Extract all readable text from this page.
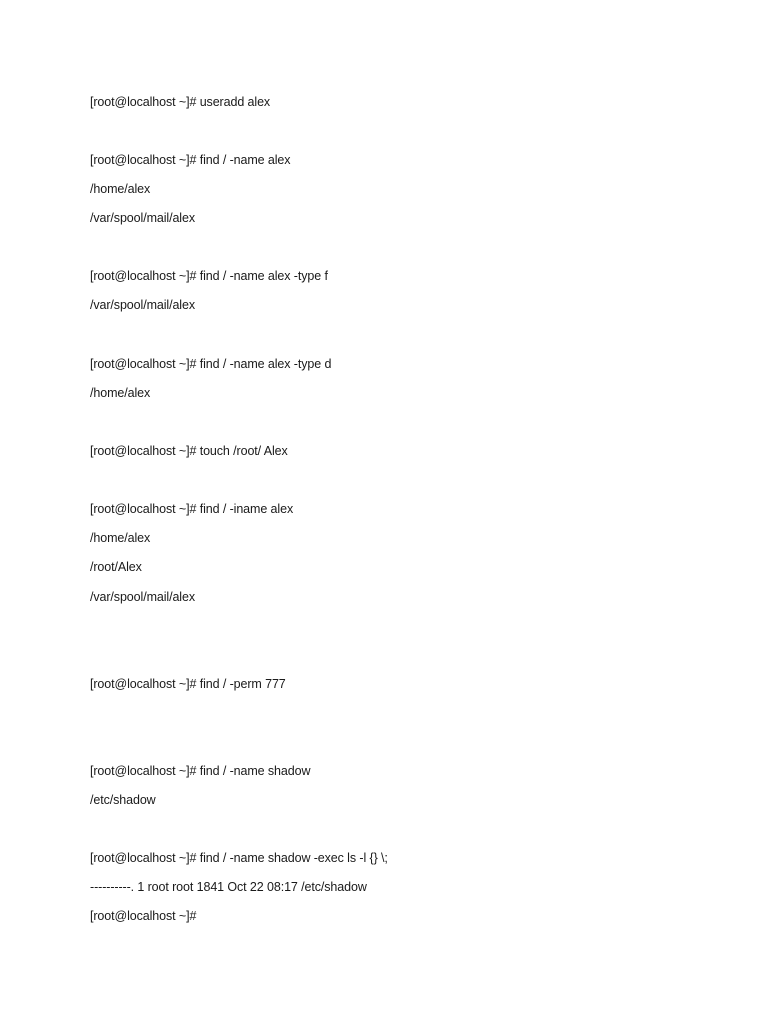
[root@localhost ~]# useradd alex
[root@localhost ~]# find / -name alex
/home/alex
/var/spool/mail/alex
[root@localhost ~]# find / -name alex -type f
/var/spool/mail/alex
[root@localhost ~]# find / -name alex -type d
/home/alex
[root@localhost ~]# touch /root/ Alex
[root@localhost ~]# find / -iname alex
/home/alex
/root/Alex
/var/spool/mail/alex
[root@localhost ~]# find / -perm 777
[root@localhost ~]# find / -name shadow
/etc/shadow
[root@localhost ~]# find / -name shadow -exec ls -l {} \;
----------. 1 root root 1841 Oct 22 08:17 /etc/shadow
[root@localhost ~]#
